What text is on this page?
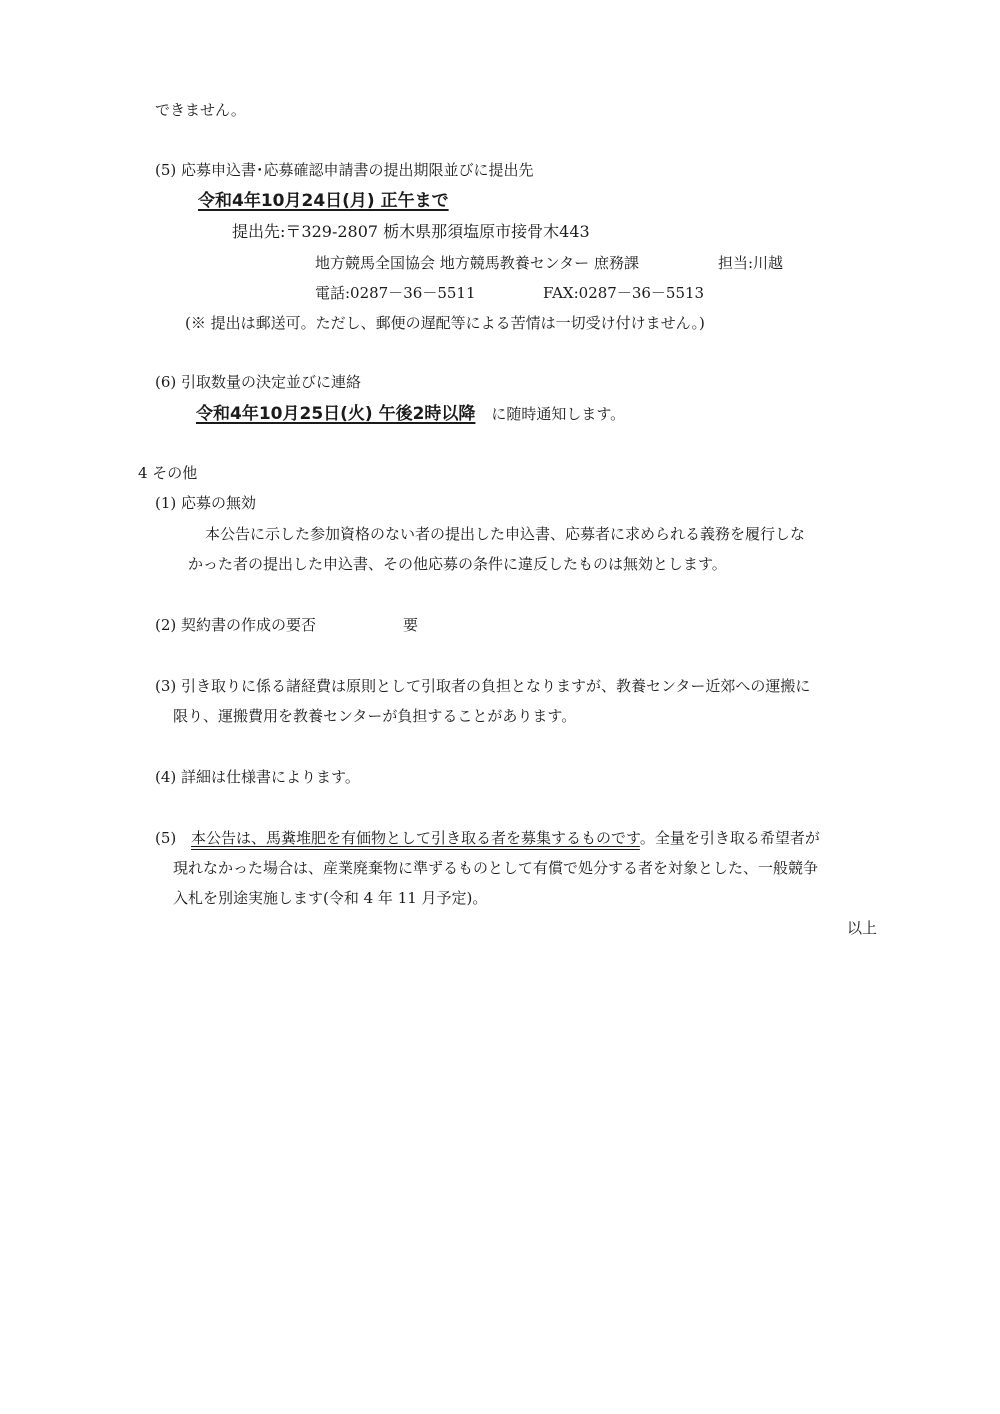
できません。
(5) 応募申込書･応募確認申請書の提出期限並びに提出先
令和4年10月24日(月) 正午まで
提出先:〒329-2807 栃木県那須塩原市接骨木443
地方競馬全国協会 地方競馬教養センター 庶務課	担当:川越
電話:0287－36－5511	FAX:0287－36－5513
(※ 提出は郵送可。ただし、郵便の遅配等による苦情は一切受け付けません。)
(6) 引取数量の決定並びに連絡
令和4年10月25日(火) 午後2時以降 に随時通知します。
4 その他
(1) 応募の無効
本公告に示した参加資格のない者の提出した申込書、応募者に求められる義務を履行しな
かった者の提出した申込書、その他応募の条件に違反したものは無効とします。
(2) 契約書の作成の要否	要
(3) 引き取りに係る諸経費は原則として引取者の負担となりますが、教養センター近郊への運搬に
限り、運搬費用を教養センターが負担することがあります。
(4) 詳細は仕様書によります。
(5) 本公告は、馬糞堆肥を有価物として引き取る者を募集するものです。全量を引き取る希望者が
現れなかった場合は、産業廃棄物に準ずるものとして有償で処分する者を対象とした、一般競争
入札を別途実施します(令和 4 年 11 月予定)。
以上
